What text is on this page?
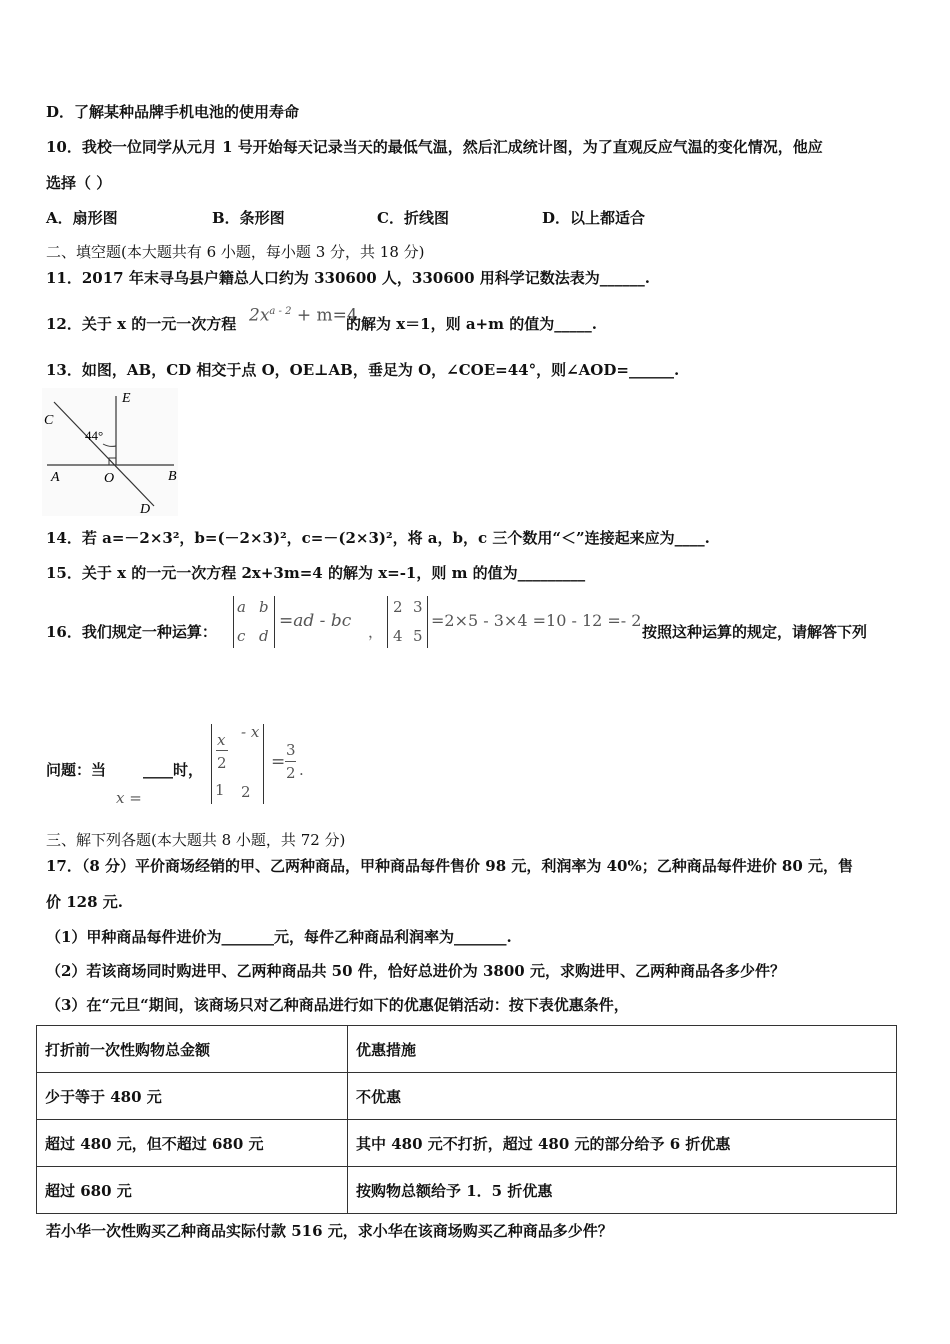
D．了解某种品牌手机电池的使用寿命
10．我校一位同学从元月 1 号开始每天记录当天的最低气温，然后汇成统计图，为了直观反应气温的变化情况，他应
选择（ ）
A．扇形图	B．条形图	C．折线图	D．以上都适合
二、填空题(本大题共有 6 小题，每小题 3 分，共 18 分)
11．2017 年末寻乌县户籍总人口约为 330600 人，330600 用科学记数法表为______.
12．关于 x 的一元一次方程 $2x^{a - 2} + m=4$
的解为 x＝1，则 a+m 的值为_____.
13．如图，AB，CD 相交于点 O，OE⊥AB，垂足为 O，∠COE=44°，则∠AOD=______.
C
E
44°
A	O	B
D
14．若 a=－2×3²，b=(－2×3)²，c=－(2×3)²，将 a，b，c 三个数用“＜”连接起来应为____.
15．关于 x 的一元一次方程 2x+3m=4 的解为 x=-1，则 m 的值为_________
16．我们规定一种运算：
a b
c d
=ad - bc
，
2 3
4 5
=2×5 - 3×4 =10 - 12 =- 2
按照这种运算的规定，请解答下列
问题：当 ____时，
x =
x
2
- x
1 2
=
3
2 .
三、解下列各题(本大题共 8 小题，共 72 分)
17．（8 分）平价商场经销的甲、乙两种商品，甲种商品每件售价 98 元，利润率为 40%；乙种商品每件进价 80 元，售
价 128 元.
（1）甲种商品每件进价为_______元，每件乙种商品利润率为_______.
（2）若该商场同时购进甲、乙两种商品共 50 件，恰好总进价为 3800 元，求购进甲、乙两种商品各多少件？
（3）在“元旦“期间，该商场只对乙种商品进行如下的优惠促销活动：按下表优惠条件，
打折前一次性购物总金额	优惠措施
少于等于 480 元	不优惠
超过 480 元，但不超过 680 元	其中 480 元不打折，超过 480 元的部分给予 6 折优惠
超过 680 元	按购物总额给予 1．5 折优惠
若小华一次性购买乙种商品实际付款 516 元，求小华在该商场购买乙种商品多少件？
